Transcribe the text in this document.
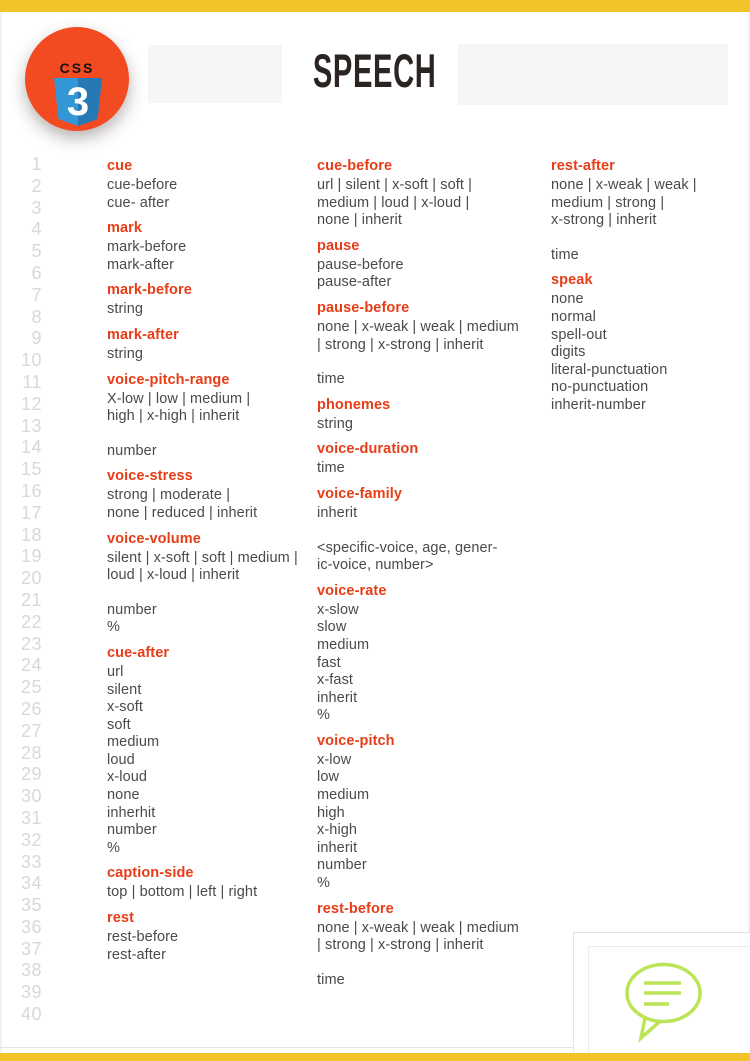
CSS
3
SPEECH
1
2
3
4
5
6
7
8
9
10
11
12
13
14
15
16
17
18
19
20
21
22
23
24
25
26
27
28
29
30
31
32
33
34
35
36
37
38
39
40
cue
cue-before
cue- after
mark
mark-before
mark-after
mark-before
string
mark-after
string
voice-pitch-range
X-low | low | medium |
high | x-high | inherit
number
voice-stress
strong | moderate |
none | reduced | inherit
voice-volume
silent | x-soft | soft | medium |
loud | x-loud | inherit
number
%
cue-after
url
silent
x-soft
soft
medium
loud
x-loud
none
inherhit
number
%
caption-side
top | bottom | left | right
rest
rest-before
rest-after
cue-before
url | silent | x-soft | soft |
medium | loud | x-loud |
none | inherit
pause
pause-before
pause-after
pause-before
none | x-weak | weak | medium
| strong | x-strong | inherit
time
phonemes
string
voice-duration
time
voice-family
inherit
<specific-voice, age, gener-
ic-voice, number>
voice-rate
x-slow
slow
medium
fast
x-fast
inherit
%
voice-pitch
x-low
low
medium
high
x-high
inherit
number
%
rest-before
none | x-weak | weak | medium
| strong | x-strong | inherit
time
rest-after
none | x-weak | weak |
medium | strong |
x-strong | inherit
time
speak
none
normal
spell-out
digits
literal-punctuation
no-punctuation
inherit-number
